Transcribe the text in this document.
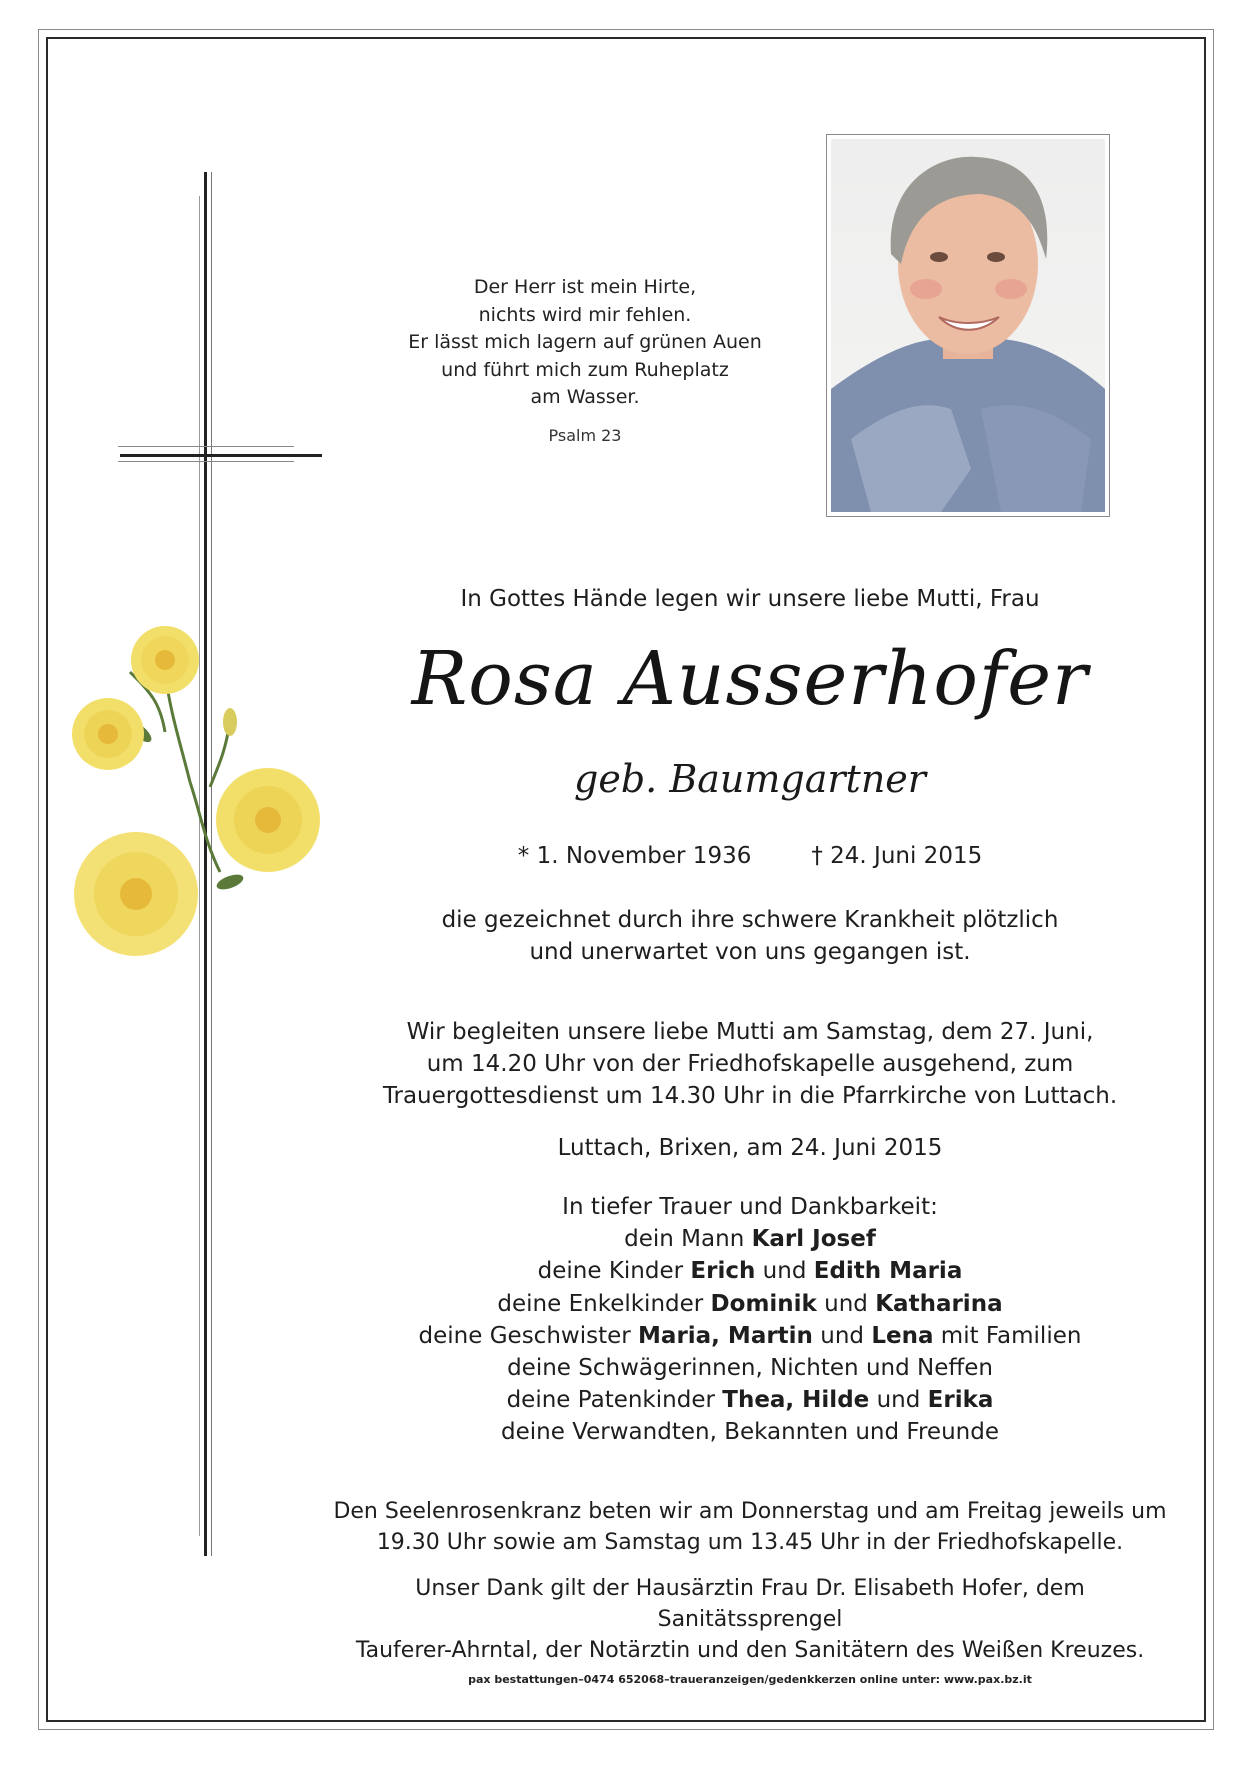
Der Herr ist mein Hirte,
nichts wird mir fehlen.
Er lässt mich lagern auf grünen Auen
und führt mich zum Ruheplatz
am Wasser.
Psalm 23
In Gottes Hände legen wir unsere liebe Mutti, Frau
Rosa Ausserhofer
geb. Baumgartner
* 1. November 1936	† 24. Juni 2015
die gezeichnet durch ihre schwere Krankheit plötzlich
und unerwartet von uns gegangen ist.
Wir begleiten unsere liebe Mutti am Samstag, dem 27. Juni,
um 14.20 Uhr von der Friedhofskapelle ausgehend, zum
Trauergottesdienst um 14.30 Uhr in die Pfarrkirche von Luttach.
Luttach, Brixen, am 24. Juni 2015
In tiefer Trauer und Dankbarkeit:
dein Mann Karl Josef
deine Kinder Erich und Edith Maria
deine Enkelkinder Dominik und Katharina
deine Geschwister Maria, Martin und Lena mit Familien
deine Schwägerinnen, Nichten und Neffen
deine Patenkinder Thea, Hilde und Erika
deine Verwandten, Bekannten und Freunde
Den Seelenrosenkranz beten wir am Donnerstag und am Freitag jeweils um
19.30 Uhr sowie am Samstag um 13.45 Uhr in der Friedhofskapelle.
Unser Dank gilt der Hausärztin Frau Dr. Elisabeth Hofer, dem Sanitätssprengel
Tauferer-Ahrntal, der Notärztin und den Sanitätern des Weißen Kreuzes.
pax bestattungen–0474 652068–traueranzeigen/gedenkkerzen online unter: www.pax.bz.it
